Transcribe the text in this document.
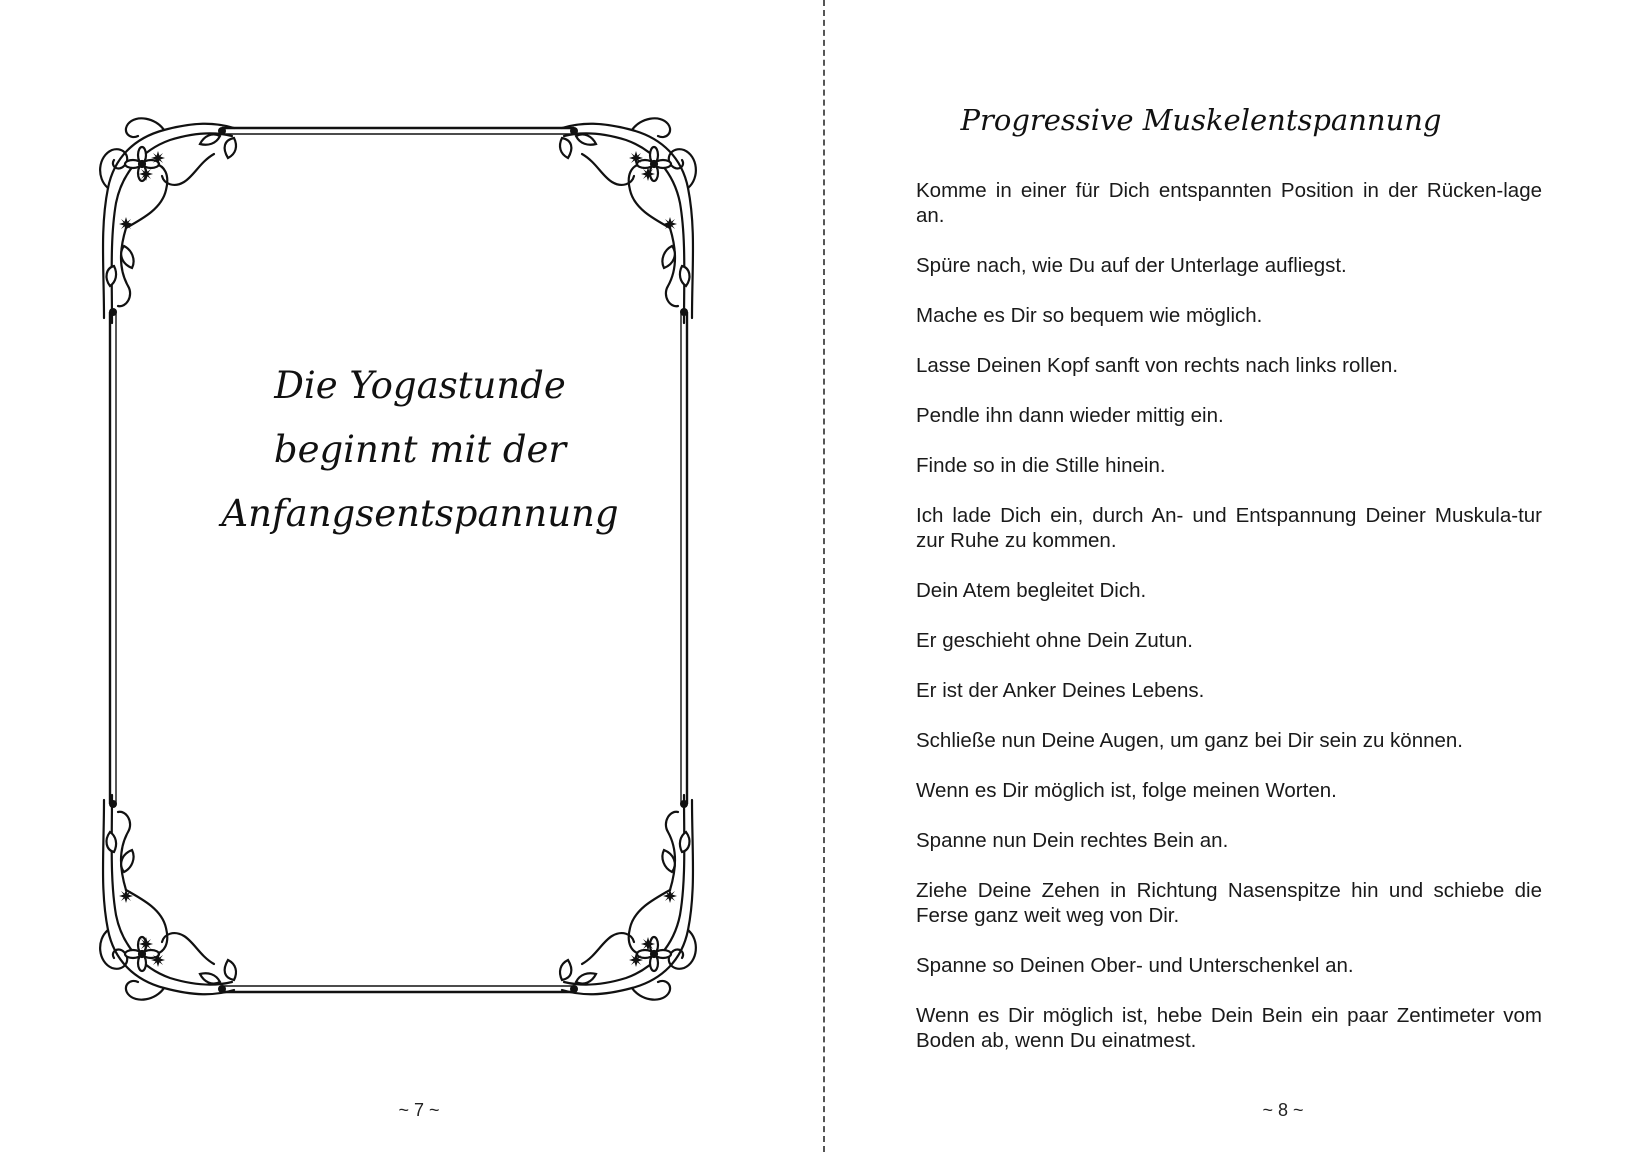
Die Yogastunde
beginnt mit der
Anfangsentspannung
~ 7 ~
Progressive Muskelentspannung

Komme in einer für Dich entspannten Position in der Rücken-lage an.

Spüre nach, wie Du auf der Unterlage aufliegst.

Mache es Dir so bequem wie möglich.

Lasse Deinen Kopf sanft von rechts nach links rollen.

Pendle ihn dann wieder mittig ein.

Finde so in die Stille hinein.

Ich lade Dich ein, durch An- und Entspannung Deiner Muskula-tur zur Ruhe zu kommen.

Dein Atem begleitet Dich.

Er geschieht ohne Dein Zutun.

Er ist der Anker Deines Lebens.

Schließe nun Deine Augen, um ganz bei Dir sein zu können.

Wenn es Dir möglich ist, folge meinen Worten.

Spanne nun Dein rechtes Bein an.

Ziehe Deine Zehen in Richtung Nasenspitze hin und schiebe die Ferse ganz weit weg von Dir.

Spanne so Deinen Ober- und Unterschenkel an.

Wenn es Dir möglich ist, hebe Dein Bein ein paar Zentimeter vom Boden ab, wenn Du einatmest.

~ 8 ~
